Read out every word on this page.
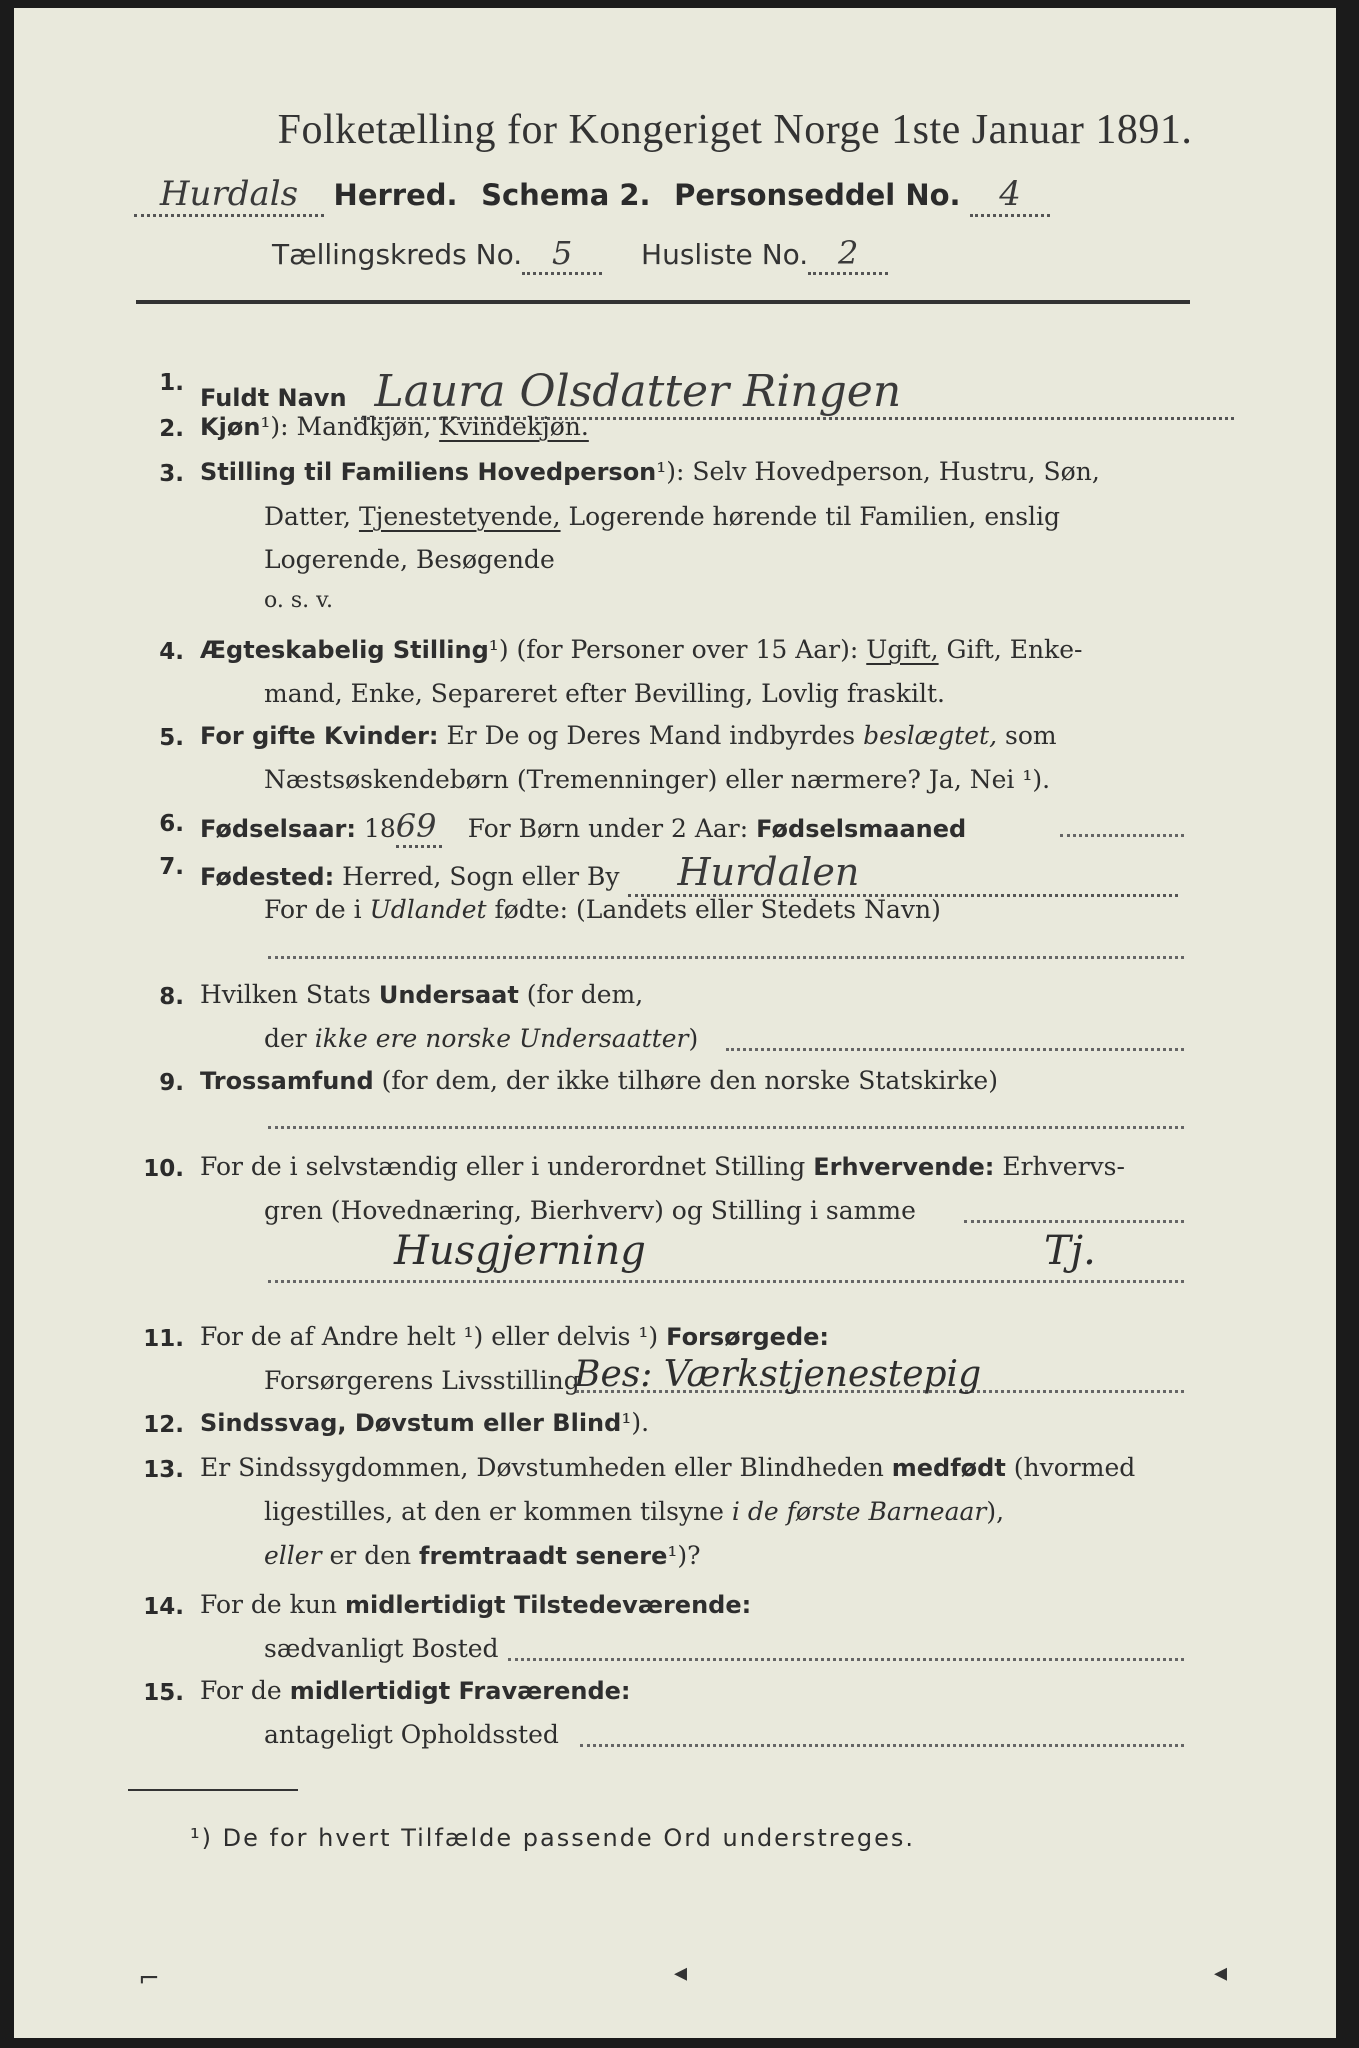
Folketælling for Kongeriget Norge 1ste Januar 1891.
Hurdals Herred. Schema 2. Personseddel No. 4
Tællingskreds No. 5 Husliste No. 2
1.
Fuldt Navn Laura Olsdatter Ringen
2. Kjøn¹): Mandkjøn, Kvindekjøn.
3. Stilling til Familiens Hovedperson¹): Selv Hovedperson, Hustru, Søn,
Datter, Tjenestetyende, Logerende hørende til Familien, enslig
Logerende, Besøgende
o. s. v.
4. Ægteskabelig Stilling¹) (for Personer over 15 Aar): Ugift, Gift, Enke-
mand, Enke, Separeret efter Bevilling, Lovlig fraskilt.
5. For gifte Kvinder: Er De og Deres Mand indbyrdes beslægtet, som
Næstsøskendebørn (Tremenninger) eller nærmere? Ja, Nei ¹).
6. Fødselsaar: 1869 For Børn under 2 Aar: Fødselsmaaned
7. Fødested: Herred, Sogn eller By Hurdalen
For de i Udlandet fødte: (Landets eller Stedets Navn)
8. Hvilken Stats Undersaat (for dem,
der ikke ere norske Undersaatter)
9. Trossamfund (for dem, der ikke tilhøre den norske Statskirke)
10. For de i selvstændig eller i underordnet Stilling Erhvervende: Erhvervs-
gren (Hovednæring, Bierhverv) og Stilling i samme
Husgjerning	Tj.
11. For de af Andre helt ¹) eller delvis ¹) Forsørgede:
Forsørgerens Livsstilling
Bes: Værkstjenestepig
12. Sindssvag, Døvstum eller Blind¹).
13. Er Sindssygdommen, Døvstumheden eller Blindheden medfødt (hvormed
ligestilles, at den er kommen tilsyne i de første Barneaar),
eller er den fremtraadt senere¹)?
14. For de kun midlertidigt Tilstedeværende:
sædvanligt Bosted
15. For de midlertidigt Fraværende:
antageligt Opholdssted
¹) De for hvert Tilfælde passende Ord understreges.
⌐	◂	◂
